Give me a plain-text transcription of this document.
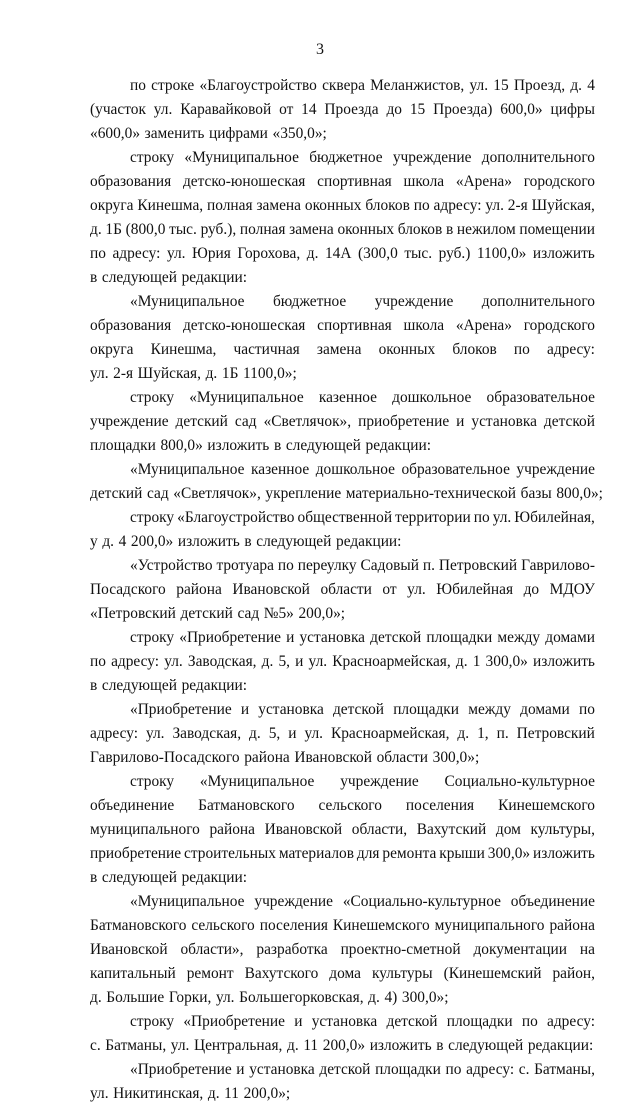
3
по строке «Благоустройство сквера Меланжистов, ул. 15 Проезд, д. 4
(участок ул. Каравайковой от 14 Проезда до 15 Проезда) 600,0» цифры
«600,0» заменить цифрами «350,0»;
строку «Муниципальное бюджетное учреждение дополнительного
образования детско-юношеская спортивная школа «Арена» городского
округа Кинешма, полная замена оконных блоков по адресу: ул. 2-я Шуйская,
д. 1Б (800,0 тыс. руб.), полная замена оконных блоков в нежилом помещении
по адресу: ул. Юрия Горохова, д. 14А (300,0 тыс. руб.) 1100,0» изложить
в следующей редакции:
«Муниципальное бюджетное учреждение дополнительного
образования детско-юношеская спортивная школа «Арена» городского
округа Кинешма, частичная замена оконных блоков по адресу:
ул. 2-я Шуйская, д. 1Б 1100,0»;
строку «Муниципальное казенное дошкольное образовательное
учреждение детский сад «Светлячок», приобретение и установка детской
площадки 800,0» изложить в следующей редакции:
«Муниципальное казенное дошкольное образовательное учреждение
детский сад «Светлячок», укрепление материально-технической базы 800,0»;
строку «Благоустройство общественной территории по ул. Юбилейная,
у д. 4 200,0» изложить в следующей редакции:
«Устройство тротуара по переулку Садовый п. Петровский Гаврилово-
Посадского района Ивановской области от ул. Юбилейная до МДОУ
«Петровский детский сад №5» 200,0»;
строку «Приобретение и установка детской площадки между домами
по адресу: ул. Заводская, д. 5, и ул. Красноармейская, д. 1 300,0» изложить
в следующей редакции:
«Приобретение и установка детской площадки между домами по
адресу: ул. Заводская, д. 5, и ул. Красноармейская, д. 1, п. Петровский
Гаврилово-Посадского района Ивановской области 300,0»;
строку «Муниципальное учреждение Социально-культурное
объединение Батмановского сельского поселения Кинешемского
муниципального района Ивановской области, Вахутский дом культуры,
приобретение строительных материалов для ремонта крыши 300,0» изложить
в следующей редакции:
«Муниципальное учреждение «Социально-культурное объединение
Батмановского сельского поселения Кинешемского муниципального района
Ивановской области», разработка проектно-сметной документации на
капитальный ремонт Вахутского дома культуры (Кинешемский район,
д. Большие Горки, ул. Большегорковская, д. 4) 300,0»;
строку «Приобретение и установка детской площадки по адресу:
с. Батманы, ул. Центральная, д. 11 200,0» изложить в следующей редакции:
«Приобретение и установка детской площадки по адресу: с. Батманы,
ул. Никитинская, д. 11 200,0»;
